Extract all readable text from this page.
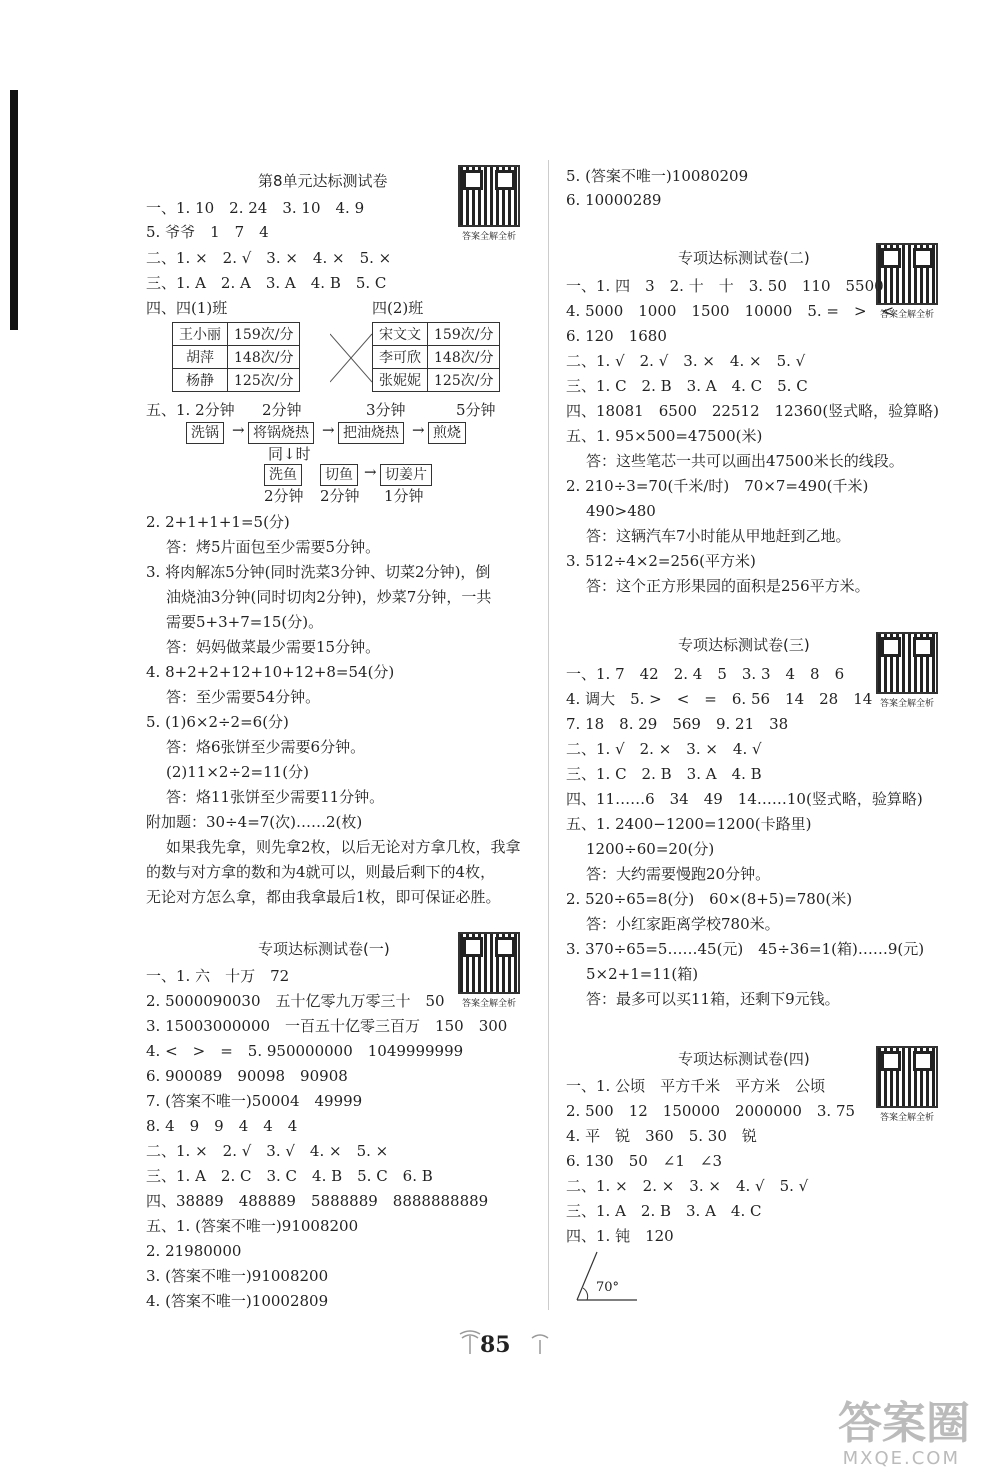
第8单元达标测试卷
答案全解全析
一、1. 10　2. 24　3. 10　4. 9
5. 爷爷　1　7　4
二、1. ×　2. √　3. ×　4. ×　5. ×
三、1. A　2. A　3. A　4. B　5. C
四、四(1)班	四(2)班
王小丽	159次/分
胡萍	148次/分
杨静	125次/分
宋文文	159次/分
李可欣	148次/分
张妮妮	125次/分
五、1. 2分钟 2分钟	3分钟	5分钟
洗锅 → 将锅烧热 → 把油烧热 → 煎烧
同↓时
洗鱼	切鱼 → 切姜片
2分钟 2分钟 1分钟
2. 2+1+1+1=5(分)
答：烤5片面包至少需要5分钟。
3. 将肉解冻5分钟(同时洗菜3分钟、切菜2分钟)，倒
油烧油3分钟(同时切肉2分钟)，炒菜7分钟，一共
需要5+3+7=15(分)。
答：妈妈做菜最少需要15分钟。
4. 8+2+2+12+10+12+8=54(分)
答：至少需要54分钟。
5. (1)6×2÷2=6(分)
答：烙6张饼至少需要6分钟。
(2)11×2÷2=11(分)
答：烙11张饼至少需要11分钟。
附加题：30÷4=7(次)……2(枚)
如果我先拿，则先拿2枚，以后无论对方拿几枚，我拿
的数与对方拿的数和为4就可以，则最后剩下的4枚，
无论对方怎么拿，都由我拿最后1枚，即可保证必胜。
专项达标测试卷(一)
答案全解全析
一、1. 六　十万　72
2. 5000090030　五十亿零九万零三十　50
3. 15003000000　一百五十亿零三百万　150　300
4. <　>　=　5. 950000000　1049999999
6. 900089　90098　90908
7. (答案不唯一)50004　49999
8. 4　9　9　4　4　4
二、1. ×　2. √　3. √　4. ×　5. ×
三、1. A　2. C　3. C　4. B　5. C　6. B
四、38889　488889　5888889　8888888889
五、1. (答案不唯一)91008200
2. 21980000
3. (答案不唯一)91008200
4. (答案不唯一)10002809
5. (答案不唯一)10080209
6. 10000289
专项达标测试卷(二)
答案全解全析
一、1. 四　3　2. 十　十　3. 50　110　5500
4. 5000　1000　1500　10000　5. =　>　<
6. 120　1680
二、1. √　2. √　3. ×　4. ×　5. √
三、1. C　2. B　3. A　4. C　5. C
四、18081　6500　22512　12360(竖式略，验算略)
五、1. 95×500=47500(米)
答：这些笔芯一共可以画出47500米长的线段。
2. 210÷3=70(千米/时)　70×7=490(千米)
490>480
答：这辆汽车7小时能从甲地赶到乙地。
3. 512÷4×2=256(平方米)
答：这个正方形果园的面积是256平方米。
专项达标测试卷(三)
答案全解全析
一、1. 7　42　2. 4　5　3. 3　4　8　6
4. 调大　5. >　<　=　6. 56　14　28　14
7. 18　8. 29　569　9. 21　38
二、1. √　2. ×　3. ×　4. √
三、1. C　2. B　3. A　4. B
四、11……6　34　49　14……10(竖式略，验算略)
五、1. 2400−1200=1200(卡路里)
1200÷60=20(分)
答：大约需要慢跑20分钟。
2. 520÷65=8(分)　60×(8+5)=780(米)
答：小红家距离学校780米。
3. 370÷65=5……45(元)　45÷36=1(箱)……9(元)
5×2+1=11(箱)
答：最多可以买11箱，还剩下9元钱。
专项达标测试卷(四)
答案全解全析
一、1. 公顷　平方千米　平方米　公顷
2. 500　12　150000　2000000　3. 75
4. 平　锐　360　5. 30　锐
6. 130　50　∠1　∠3
二、1. ×　2. ×　3. ×　4. √　5. √
三、1. A　2. B　3. A　4. C
四、1. 钝　120
70°
85
答案圈
MXQE.COM
